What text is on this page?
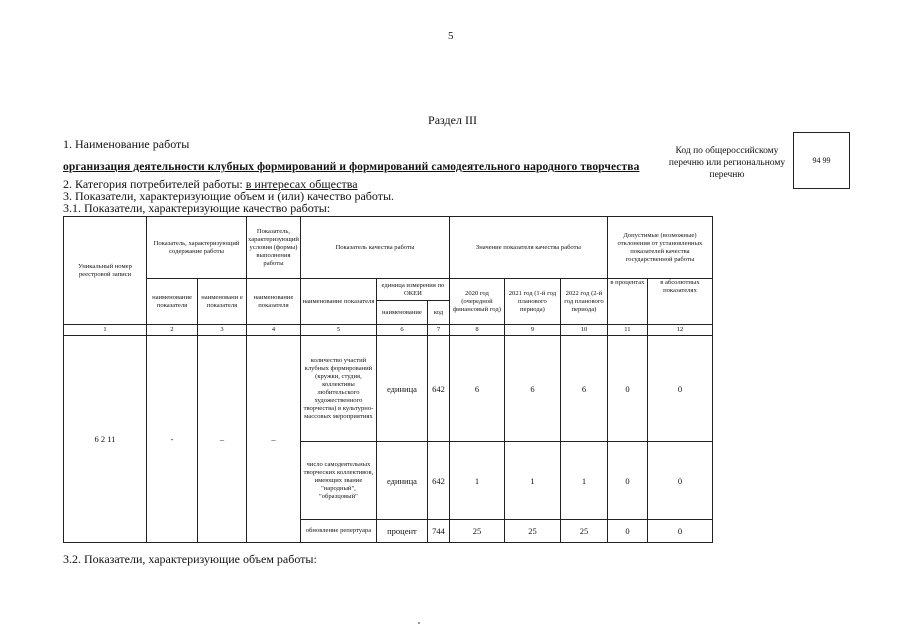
5
Раздел III
1. Наименование работы
организация деятельности клубных формирований и формирований самодеятельного народного творчества
2. Категория потребителей работы: в интересах общества
3. Показатели, характеризующие объем и (или) качество работы.
3.1. Показатели, характеризующие качество работы:
Код по общероссийскому перечню или региональному перечню
94 99
Уникальный номер реестровой записи	Показатель, характеризующий содержание работы		Показатель, характеризующий условия (формы) выполнения работы	Показатель качества работы			Значение показателя качества работы			Допустимые (возможные) отклонения от установленных показателей качества государственной работы	
	наименование показателя	наименовани е показателя	наименование показателя	наименование показателя	единица измерения по ОКЕИ		2020 год (очередной финансовый год)	2021 год (1-й год планового периода)	2022 год (2-й год планового периода)	в процентах	в абсолютных показателях
					наименование	код					
1	2	3	4	5	6	7	8	9	10	11	12
6 2 11	-	–	–	количество участий клубных формирований (кружки, студия, коллективы любительского художественного творчества) в культурно-массовых мероприятиях	единица	642	6	6	6	0	0
				число самодеятельных творческих коллективов, имеющих звание "народный", "образцовый"	единица	642	1	1	1	0	0
				обновление репертуара	процент	744	25	25	25	0	0
3.2. Показатели, характеризующие объем работы:
